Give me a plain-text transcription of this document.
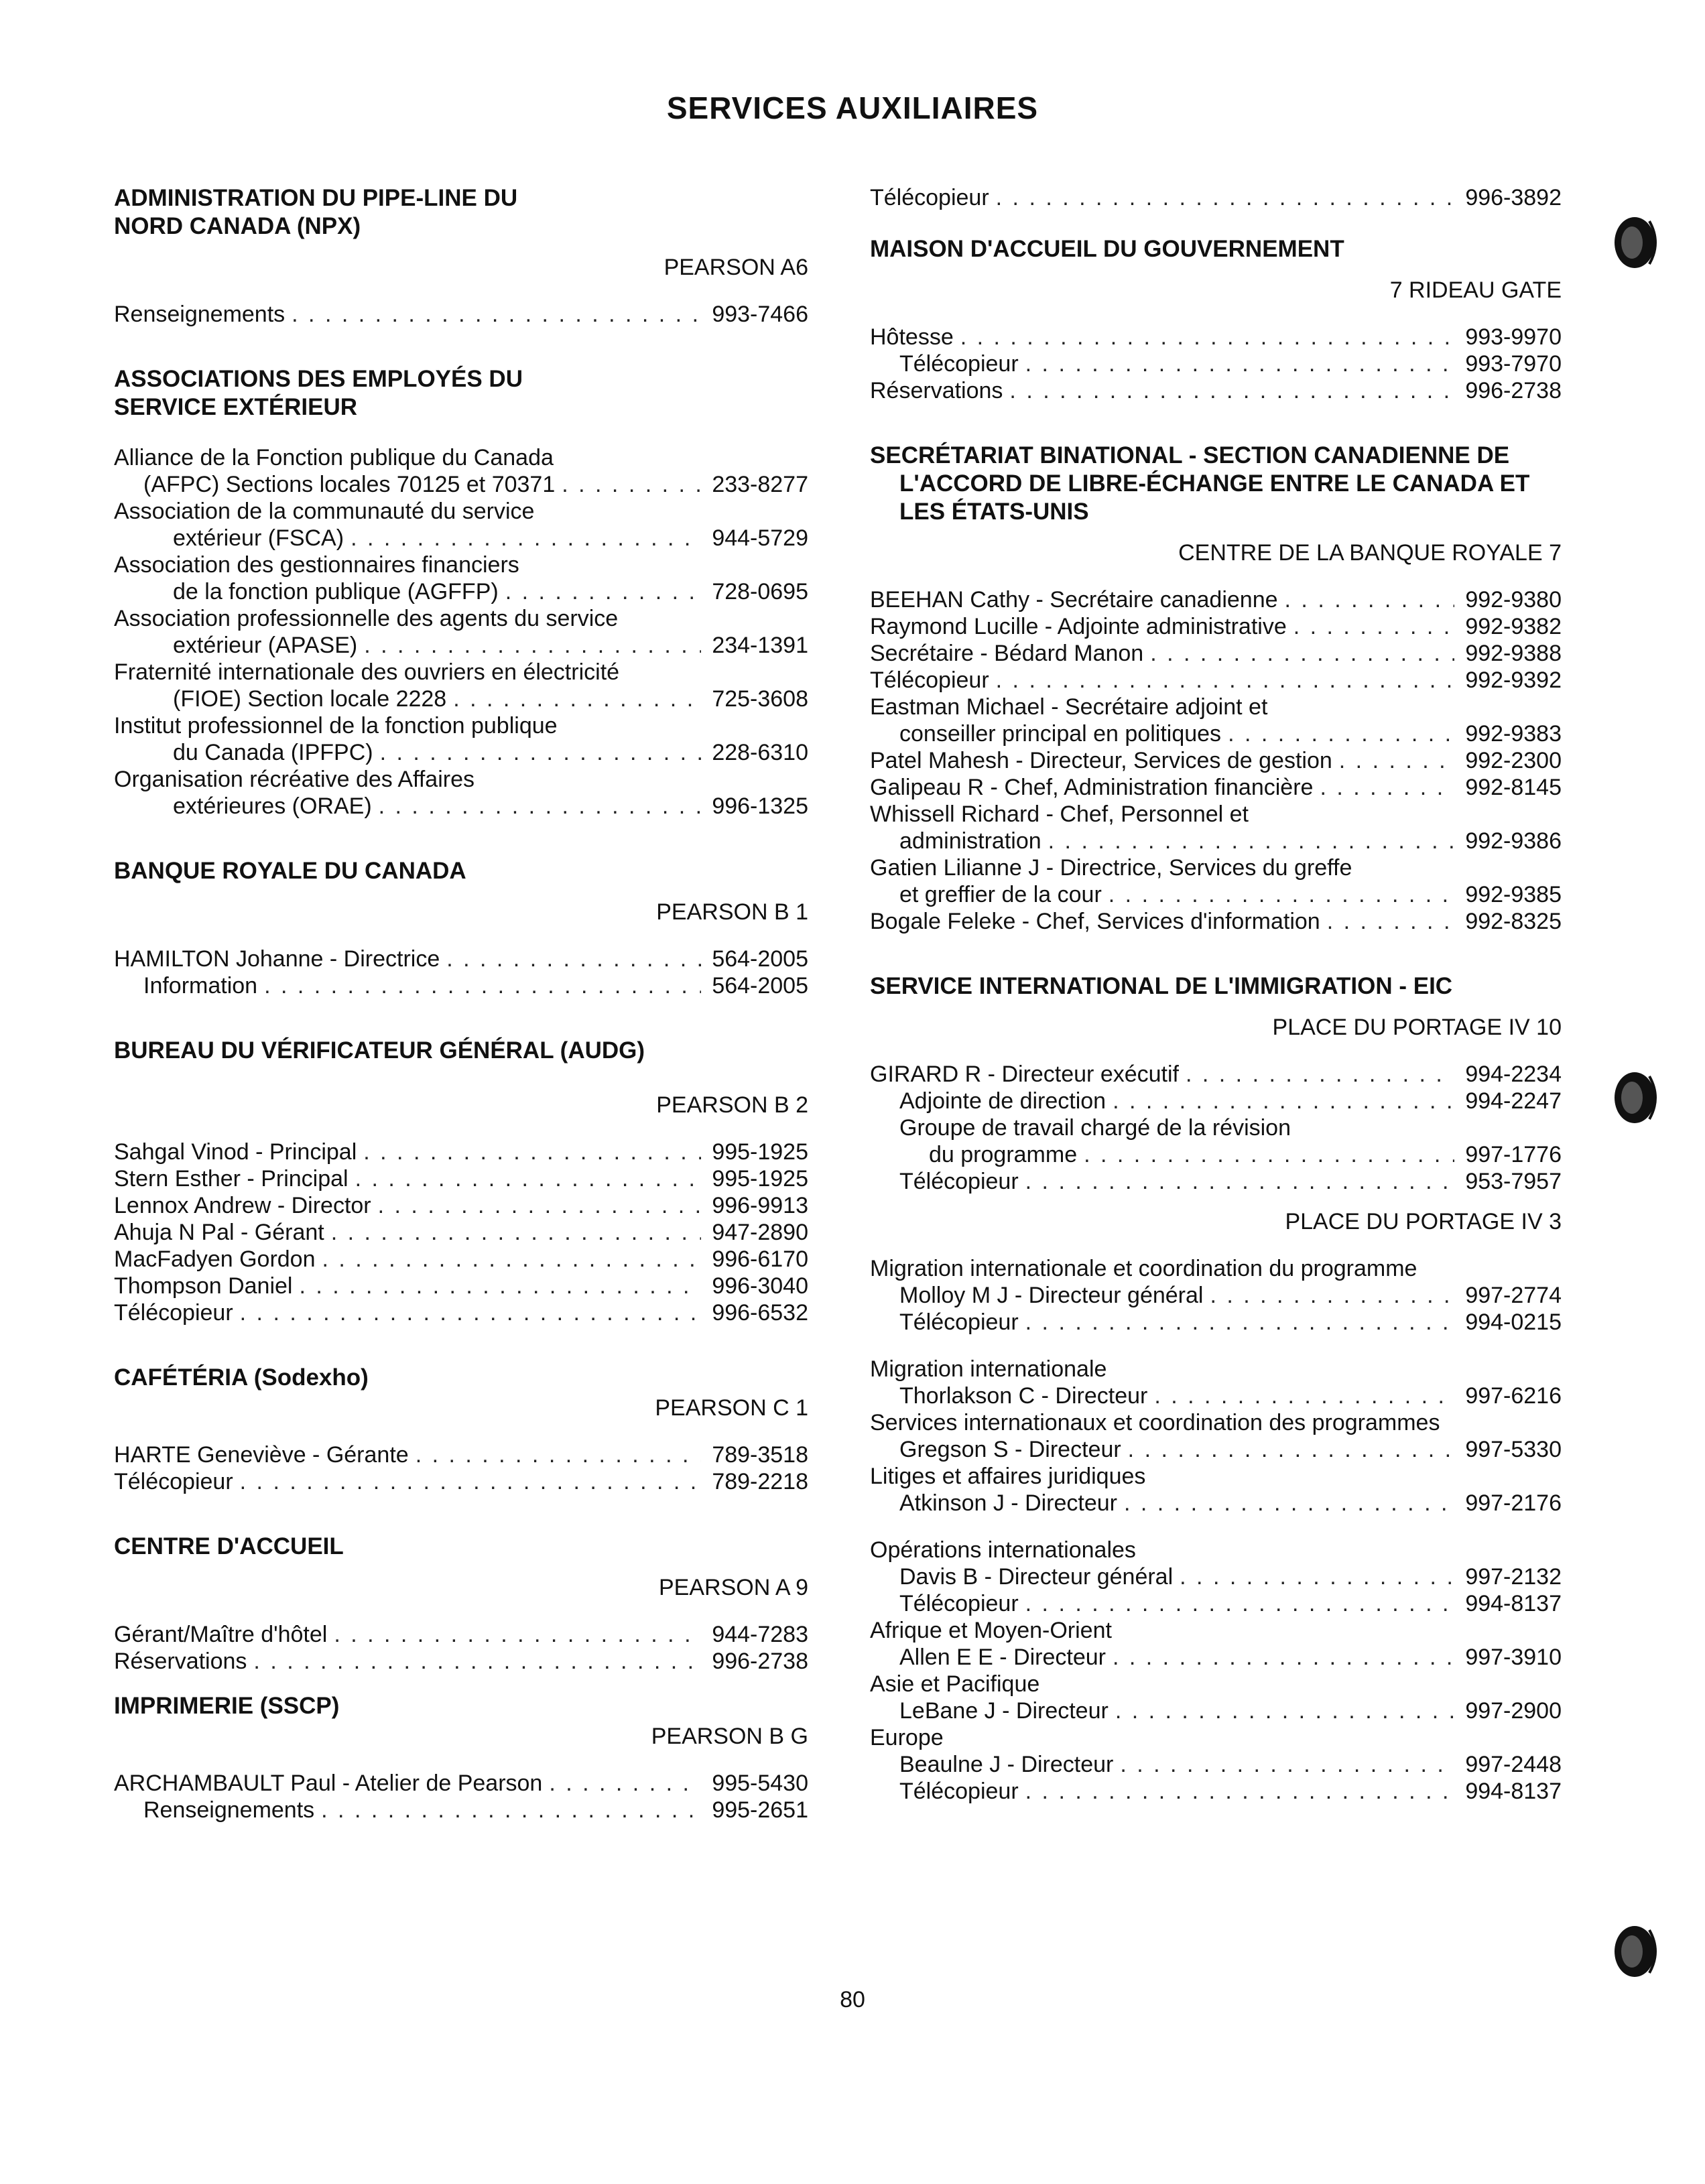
SERVICES AUXILIAIRES
ADMINISTRATION DU PIPE-LINE DU
NORD CANADA (NPX)
PEARSON A6
Renseignements . . .	993-7466
ASSOCIATIONS DES EMPLOYÉS DU
SERVICE EXTÉRIEUR
Alliance de la Fonction publique du Canada
(AFPC) Sections locales 70125 et 70371 . . .	233-8277
Association de la communauté du service
extérieur (FSCA) . . .	944-5729
Association des gestionnaires financiers
de la fonction publique (AGFFP) . . .	728-0695
Association professionnelle des agents du service
extérieur (APASE) . . .	234-1391
Fraternité internationale des ouvriers en électricité
(FIOE) Section locale 2228 . . .	725-3608
Institut professionnel de la fonction publique
du Canada (IPFPC) . . .	228-6310
Organisation récréative des Affaires
extérieures (ORAE) . . .	996-1325
BANQUE ROYALE DU CANADA
PEARSON B 1
HAMILTON Johanne - Directrice . . .	564-2005
Information . . .	564-2005
BUREAU DU VÉRIFICATEUR GÉNÉRAL (AUDG)
PEARSON B 2
Sahgal Vinod - Principal . . .	995-1925
Stern Esther - Principal . . .	995-1925
Lennox Andrew - Director . . .	996-9913
Ahuja N Pal - Gérant . . .	947-2890
MacFadyen Gordon . . .	996-6170
Thompson Daniel . . .	996-3040
Télécopieur . . .	996-6532
CAFÉTÉRIA (Sodexho)
PEARSON C 1
HARTE Geneviève - Gérante . . .	789-3518
Télécopieur . . .	789-2218
CENTRE D'ACCUEIL
PEARSON A 9
Gérant/Maître d'hôtel . . .	944-7283
Réservations . . .	996-2738
IMPRIMERIE (SSCP)
PEARSON B G
ARCHAMBAULT Paul - Atelier de Pearson . . .	995-5430
Renseignements . . .	995-2651
Télécopieur . . .	996-3892
MAISON D'ACCUEIL DU GOUVERNEMENT
7 RIDEAU GATE
Hôtesse . . .	993-9970
Télécopieur . . .	993-7970
Réservations . . .	996-2738
SECRÉTARIAT BINATIONAL - SECTION CANADIENNE DE
L'ACCORD DE LIBRE-ÉCHANGE ENTRE LE CANADA ET
LES ÉTATS-UNIS
CENTRE DE LA BANQUE ROYALE 7
BEEHAN Cathy - Secrétaire canadienne . . .	992-9380
Raymond Lucille - Adjointe administrative . . .	992-9382
Secrétaire - Bédard Manon . . .	992-9388
Télécopieur . . .	992-9392
Eastman Michael - Secrétaire adjoint et
conseiller principal en politiques . . .	992-9383
Patel Mahesh - Directeur, Services de gestion . . .	992-2300
Galipeau R - Chef, Administration financière . . .	992-8145
Whissell Richard - Chef, Personnel et
administration . . .	992-9386
Gatien Lilianne J - Directrice, Services du greffe
et greffier de la cour . . .	992-9385
Bogale Feleke - Chef, Services d'information . . .	992-8325
SERVICE INTERNATIONAL DE L'IMMIGRATION - EIC
PLACE DU PORTAGE IV 10
GIRARD R - Directeur exécutif . . .	994-2234
Adjointe de direction . . .	994-2247
Groupe de travail chargé de la révision
du programme . . .	997-1776
Télécopieur . . .	953-7957
PLACE DU PORTAGE IV 3
Migration internationale et coordination du programme
Molloy M J - Directeur général . . .	997-2774
Télécopieur . . .	994-0215
Migration internationale
Thorlakson C - Directeur . . .	997-6216
Services internationaux et coordination des programmes
Gregson S - Directeur . . .	997-5330
Litiges et affaires juridiques
Atkinson J - Directeur . . .	997-2176
Opérations internationales
Davis B - Directeur général . . .	997-2132
Télécopieur . . .	994-8137
Afrique et Moyen-Orient
Allen E E - Directeur . . .	997-3910
Asie et Pacifique
LeBane J - Directeur . . .	997-2900
Europe
Beaulne J - Directeur . . .	997-2448
Télécopieur . . .	994-8137
80
